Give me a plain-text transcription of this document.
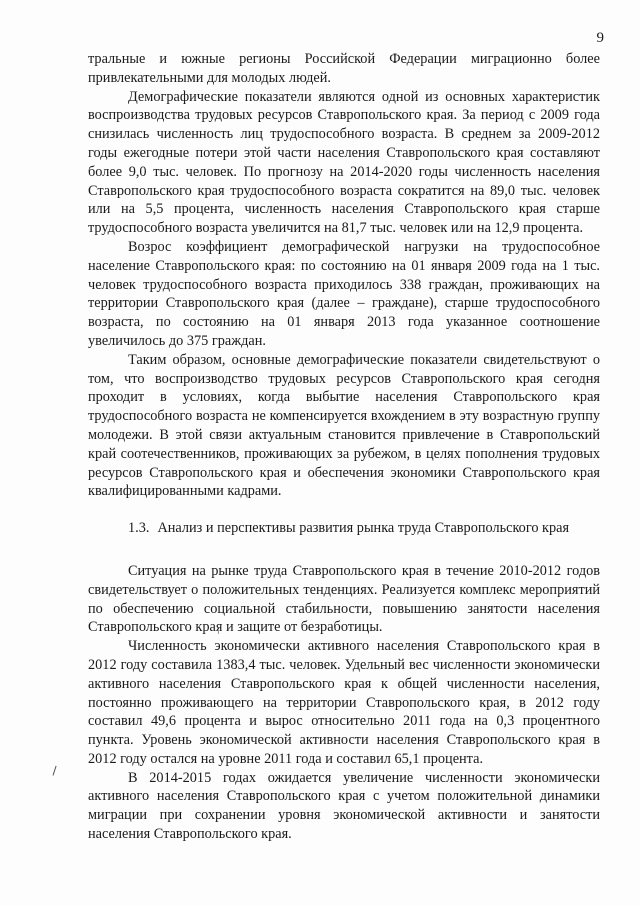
9

тральные и южные регионы Российской Федерации миграционно более привлекательными для молодых людей.

Демографические показатели являются одной из основных характеристик воспроизводства трудовых ресурсов Ставропольского края. За период с 2009 года снизилась численность лиц трудоспособного возраста. В среднем за 2009-2012 годы ежегодные потери этой части населения Ставропольского края составляют более 9,0 тыс. человек. По прогнозу на 2014-2020 годы численность населения Ставропольского края трудоспособного возраста сократится на 89,0 тыс. человек или на 5,5 процента, численность населения Ставропольского края старше трудоспособного возраста увеличится на 81,7 тыс. человек или на 12,9 процента.

Возрос коэффициент демографической нагрузки на трудоспособное население Ставропольского края: по состоянию на 01 января 2009 года на 1 тыс. человек трудоспособного возраста приходилось 338 граждан, проживающих на территории Ставропольского края (далее – граждане), старше трудоспособного возраста, по состоянию на 01 января 2013 года указанное соотношение увеличилось до 375 граждан.

Таким образом, основные демографические показатели свидетельствуют о том, что воспроизводство трудовых ресурсов Ставропольского края сегодня проходит в условиях, когда выбытие населения Ставропольского края трудоспособного возраста не компенсируется вхождением в эту возрастную группу молодежи. В этой связи актуальным становится привлечение в Ставропольский край соотечественников, проживающих за рубежом, в целях пополнения трудовых ресурсов Ставропольского края и обеспечения экономики Ставропольского края квалифицированными кадрами.

1.3. Анализ и перспективы развития рынка труда Ставропольского края

Ситуация на рынке труда Ставропольского края в течение 2010-2012 годов свидетельствует о положительных тенденциях. Реализуется комплекс мероприятий по обеспечению социальной стабильности, повышению занятости населения Ставропольского края и защите от безработицы.

Численность экономически активного населения Ставропольского края в 2012 году составила 1383,4 тыс. человек. Удельный вес численности экономически активного населения Ставропольского края к общей численности населения, постоянно проживающего на территории Ставропольского края, в 2012 году составил 49,6 процента и вырос относительно 2011 года на 0,3 процентного пункта. Уровень экономической активности населения Ставропольского края в 2012 году остался на уровне 2011 года и составил 65,1 процента.

В 2014-2015 годах ожидается увеличение численности экономически активного населения Ставропольского края с учетом положительной динамики миграции при сохранении уровня экономической активности и занятости населения Ставропольского края.
